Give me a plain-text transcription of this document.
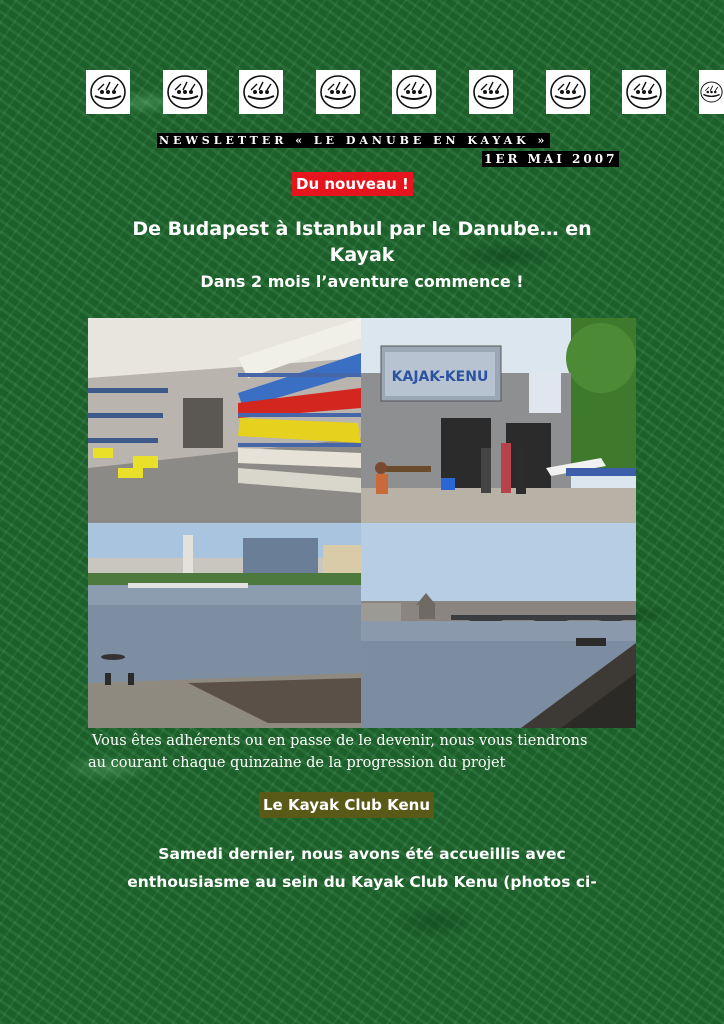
NEWSLETTER « LE DANUBE EN KAYAK »
1ER MAI 2007
Du nouveau !
De Budapest à Istanbul par le Danube… en
Kayak
Dans 2 mois l’aventure commence !
KAJAK-KENU
Vous êtes adhérents ou en passe de le devenir, nous vous tiendrons
au courant chaque quinzaine de la progression du projet
Le Kayak Club Kenu
Samedi dernier, nous avons été accueillis avec
enthousiasme au sein du Kayak Club Kenu (photos ci-
